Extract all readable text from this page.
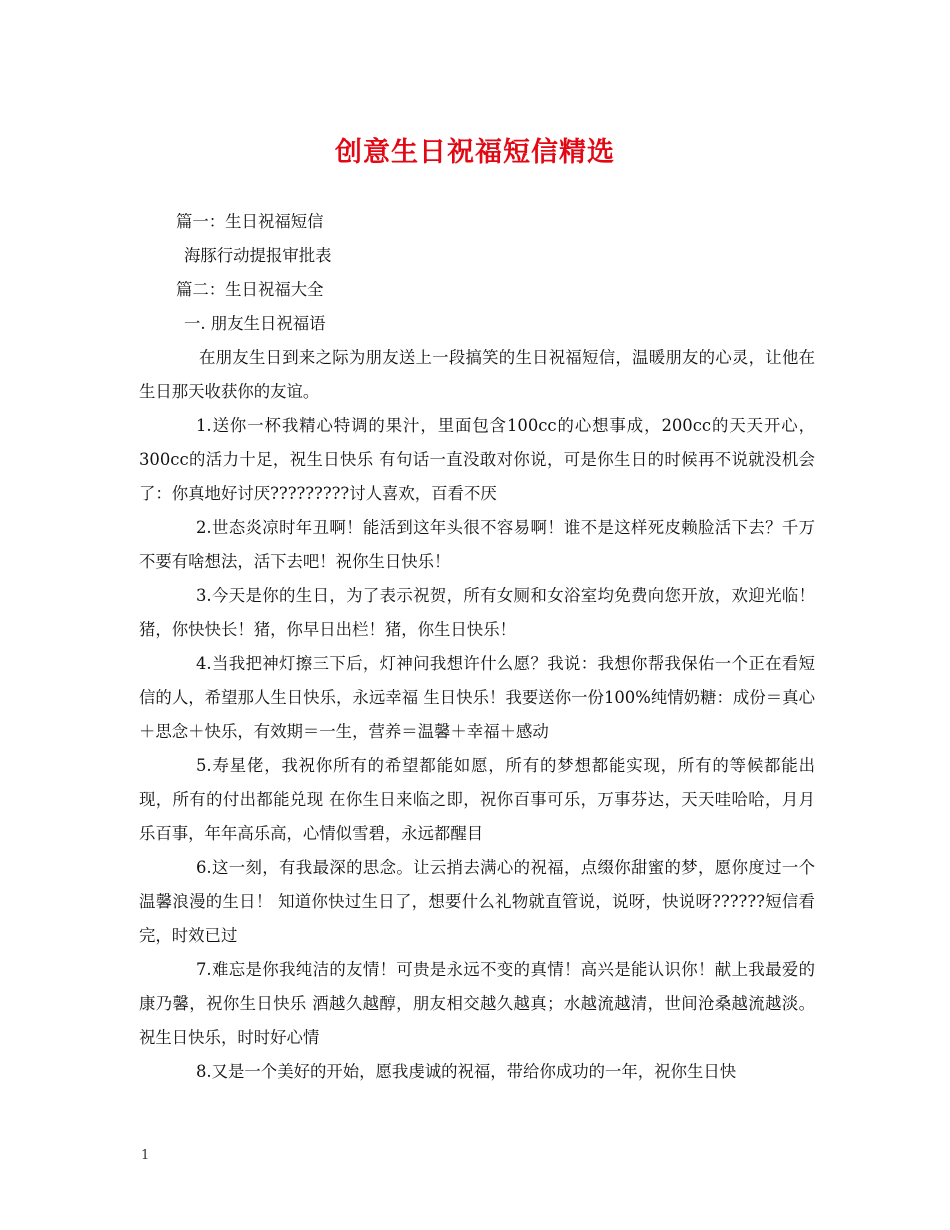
创意生日祝福短信精选
篇一：生日祝福短信
海豚行动提报审批表
篇二：生日祝福大全
一. 朋友生日祝福语
在朋友生日到来之际为朋友送上一段搞笑的生日祝福短信，温暖朋友的心灵，让他在生日那天收获你的友谊。
1.送你一杯我精心特调的果汁，里面包含100cc的心想事成，200cc的天天开心，300cc的活力十足，祝生日快乐 有句话一直没敢对你说，可是你生日的时候再不说就没机会了：你真地好讨厌?????????讨人喜欢，百看不厌
2.世态炎凉时年丑啊！能活到这年头很不容易啊！谁不是这样死皮赖脸活下去？千万不要有啥想法，活下去吧！祝你生日快乐！
3.今天是你的生日，为了表示祝贺，所有女厕和女浴室均免费向您开放，欢迎光临！ 猪，你快快长！猪，你早日出栏！猪，你生日快乐！
4.当我把神灯擦三下后，灯神问我想许什么愿？我说：我想你帮我保佑一个正在看短信的人，希望那人生日快乐，永远幸福 生日快乐！我要送你一份100%纯情奶糖：成份＝真心＋思念＋快乐，有效期＝一生，营养＝温馨＋幸福＋感动
5.寿星佬，我祝你所有的希望都能如愿，所有的梦想都能实现，所有的等候都能出现，所有的付出都能兑现 在你生日来临之即，祝你百事可乐，万事芬达，天天哇哈哈，月月乐百事，年年高乐高，心情似雪碧，永远都醒目
6.这一刻，有我最深的思念。让云捎去满心的祝福，点缀你甜蜜的梦，愿你度过一个温馨浪漫的生日！ 知道你快过生日了，想要什么礼物就直管说，说呀，快说呀??????短信看完，时效已过
7.难忘是你我纯洁的友情！可贵是永远不变的真情！高兴是能认识你！献上我最爱的康乃馨，祝你生日快乐 酒越久越醇，朋友相交越久越真；水越流越清，世间沧桑越流越淡。祝生日快乐，时时好心情
8.又是一个美好的开始，愿我虔诚的祝福，带给你成功的一年，祝你生日快
1
